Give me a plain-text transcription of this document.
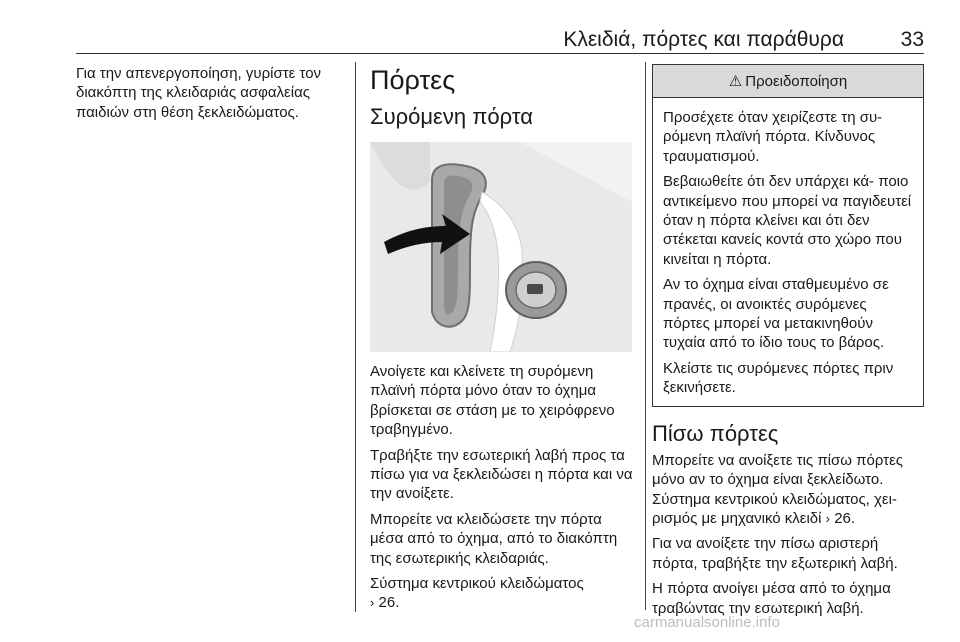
Κλειδιά, πόρτες και παράθυρα	33

Για την απενεργοποίηση, γυρίστε τον διακόπτη της κλειδαριάς ασφαλείας παιδιών στη θέση ξεκλειδώματος.

Πόρτες
Συρόμενη πόρτα

Ανοίγετε και κλείνετε τη συρόμενη πλαϊνή πόρτα μόνο όταν το όχημα βρίσκεται σε στάση με το χειρόφρενο τραβηγμένο.

Τραβήξτε την εσωτερική λαβή προς τα πίσω για να ξεκλειδώσει η πόρτα και να την ανοίξετε.

Μπορείτε να κλειδώσετε την πόρτα μέσα από το όχημα, από το διακόπτη της εσωτερικής κλειδαριάς.

Σύστημα κεντρικού κλειδώματος
› 26.

⚠ Προειδοποίηση

Προσέχετε όταν χειρίζεστε τη συ- ρόμενη πλαϊνή πόρτα. Κίνδυνος τραυματισμού.

Βεβαιωθείτε ότι δεν υπάρχει κά- ποιο αντικείμενο που μπορεί να παγιδευτεί όταν η πόρτα κλείνει και ότι δεν στέκεται κανείς κοντά στο χώρο που κινείται η πόρτα.

Αν το όχημα είναι σταθμευμένο σε πρανές, οι ανοικτές συρόμενες πόρτες μπορεί να μετακινηθούν τυχαία από το ίδιο τους το βάρος.

Κλείστε τις συρόμενες πόρτες πριν ξεκινήσετε.

Πίσω πόρτες

Μπορείτε να ανοίξετε τις πίσω πόρτες μόνο αν το όχημα είναι ξεκλείδωτο. Σύστημα κεντρικού κλειδώματος, χει- ρισμός με μηχανικό κλειδί › 26.

Για να ανοίξετε την πίσω αριστερή πόρτα, τραβήξτε την εξωτερική λαβή.

Η πόρτα ανοίγει μέσα από το όχημα τραβώντας την εσωτερική λαβή.

carmanualsonline.info
